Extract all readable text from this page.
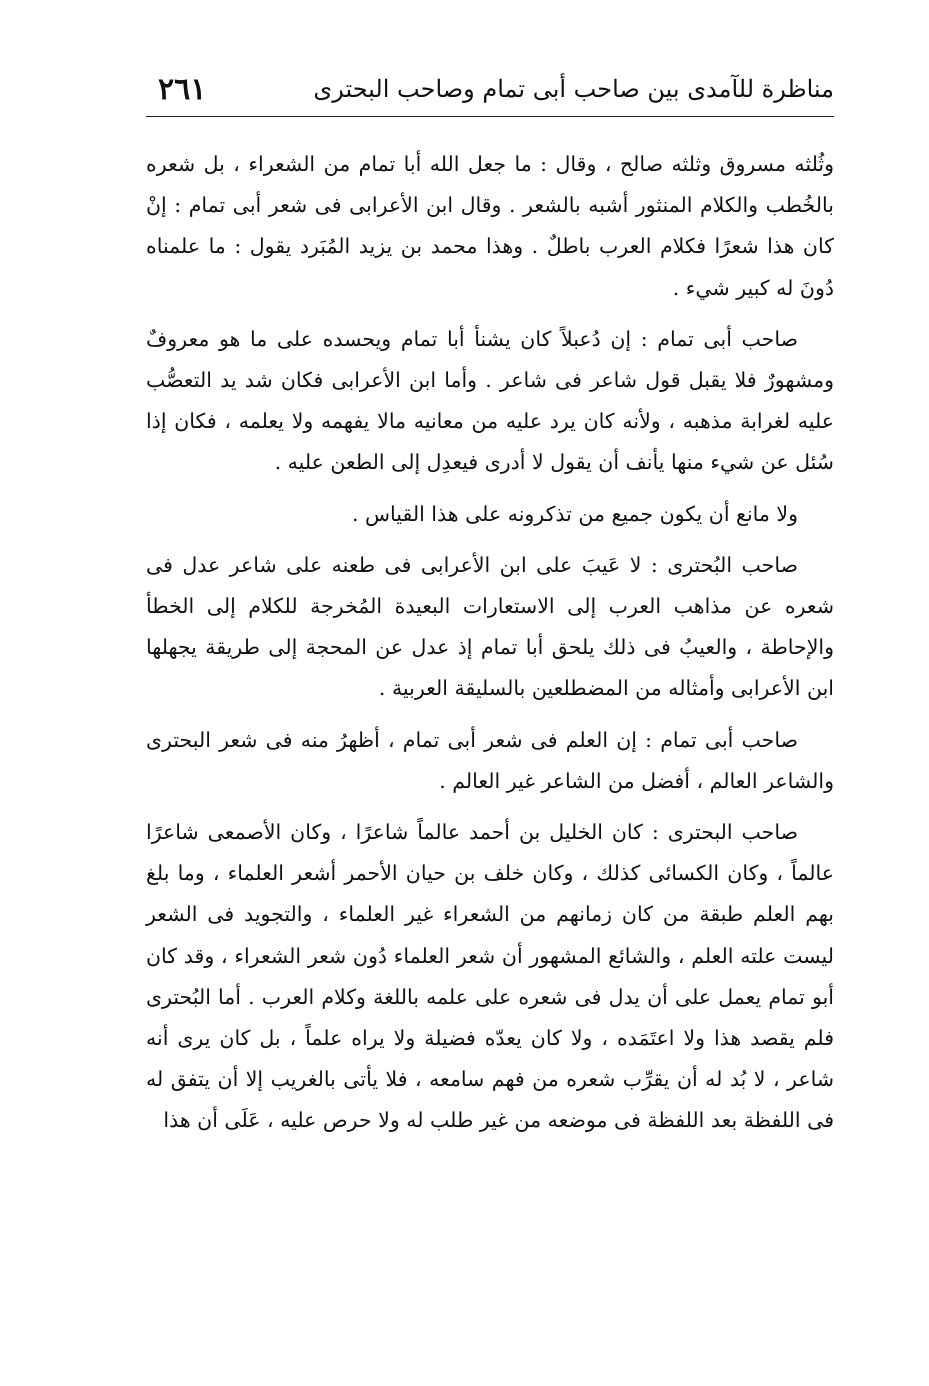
مناظرة للآمدى بين صاحب أبى تمام وصاحب البحترى
٢٦١

وثُلثه مسروق وثلثه صالح ، وقال : ما جعل الله أبا تمام من الشعراء ، بل شعره بالخُطب والكلام المنثور أشبه بالشعر . وقال ابن الأعرابى فى شعر أبى تمام : إنْ كان هذا شعرًا فكلام العرب باطلٌ . وهذا محمد بن يزيد المُبَرد يقول : ما علمناه دُونَ له كبير شيء .

صاحب أبى تمام : إن دُعبلاً كان يشنأ أبا تمام ويحسده على ما هو معروفٌ ومشهورٌ فلا يقبل قول شاعر فى شاعر . وأما ابن الأعرابى فكان شد يد التعصُّب عليه لغرابة مذهبه ، ولأنه كان يرد عليه من معانيه مالا يفهمه ولا يعلمه ، فكان إذا سُئل عن شيء منها يأنف أن يقول لا أدرى فيعدِل إلى الطعن عليه .

ولا مانع أن يكون جميع من تذكرونه على هذا القياس .

صاحب البُحترى : لا عَيبَ على ابن الأعرابى فى طعنه على شاعر عدل فى شعره عن مذاهب العرب إلى الاستعارات البعيدة المُخرجة للكلام إلى الخطأ والإحاطة ، والعيبُ فى ذلك يلحق أبا تمام إذ عدل عن المحجة إلى طريقة يجهلها ابن الأعرابى وأمثاله من المضطلعين بالسليقة العربية .

صاحب أبى تمام : إن العلم فى شعر أبى تمام ، أظهرُ منه فى شعر البحترى والشاعر العالم ، أفضل من الشاعر غير العالم .

صاحب البحترى : كان الخليل بن أحمد عالماً شاعرًا ، وكان الأصمعى شاعرًا عالماً ، وكان الكسائى كذلك ، وكان خلف بن حيان الأحمر أشعر العلماء ، وما بلغ بهم العلم طبقة من كان زمانهم من الشعراء غير العلماء ، والتجويد فى الشعر ليست علته العلم ، والشائع المشهور أن شعر العلماء دُون شعر الشعراء ، وقد كان أبو تمام يعمل على أن يدل فى شعره على علمه باللغة وكلام العرب . أما البُحترى فلم يقصد هذا ولا اعتَمَده ، ولا كان يعدّه فضيلة ولا يراه علماً ، بل كان يرى أنه شاعر ، لا بُد له أن يقرِّب شعره من فهم سامعه ، فلا يأتى بالغريب إلا أن يتفق له فى اللفظة بعد اللفظة فى موضعه من غير طلب له ولا حرص عليه ، عَلَى أن هذا
